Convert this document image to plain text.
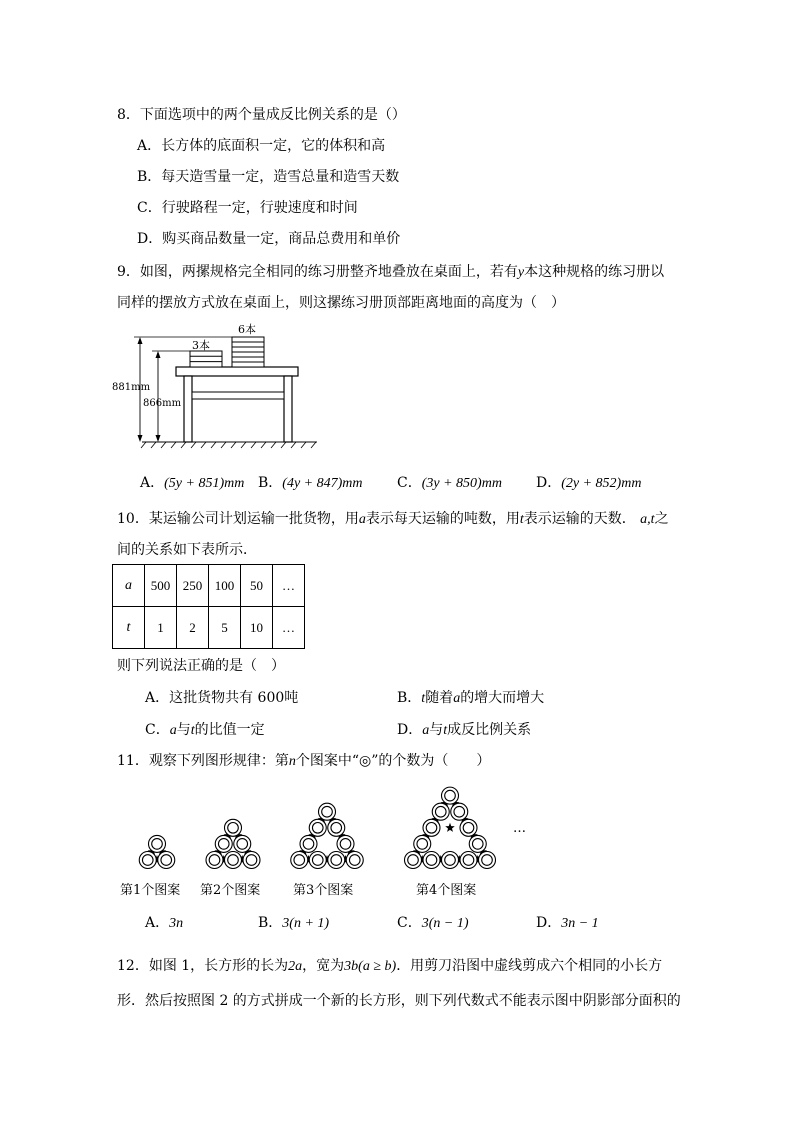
8．下面选项中的两个量成反比例关系的是（）
A．长方体的底面积一定，它的体积和高
B．每天造雪量一定，造雪总量和造雪天数
C．行驶路程一定，行驶速度和时间
D．购买商品数量一定，商品总费用和单价
9．如图，两摞规格完全相同的练习册整齐地叠放在桌面上，若有y本这种规格的练习册以
同样的摆放方式放在桌面上，则这摞练习册顶部距离地面的高度为（　）
6本
3本
881mm
866mm
A．(5y + 851)mm B．(4y + 847)mm C．(3y + 850)mm D．(2y + 852)mm
10．某运输公司计划运输一批货物，用a表示每天运输的吨数，用t表示运输的天数． a,t之
间的关系如下表所示．
a	500	250	100	50	…
t	1	2	5	10	…
则下列说法正确的是（　）
A．这批货物共有 600吨	B．t随着a的增大而增大
C．a与t的比值一定	D．a与t成反比例关系
11．观察下列图形规律：第n个图案中“◎”的个数为（　　）
…
第1个图案 第2个图案	第3个图案	第4个图案
A．3n	B．3(n + 1)	C．3(n − 1)	D．3n − 1
12．如图 1，长方形的长为2a，宽为3b(a ≥ b)．用剪刀沿图中虚线剪成六个相同的小长方
形．然后按照图 2 的方式拼成一个新的长方形，则下列代数式不能表示图中阴影部分面积的
